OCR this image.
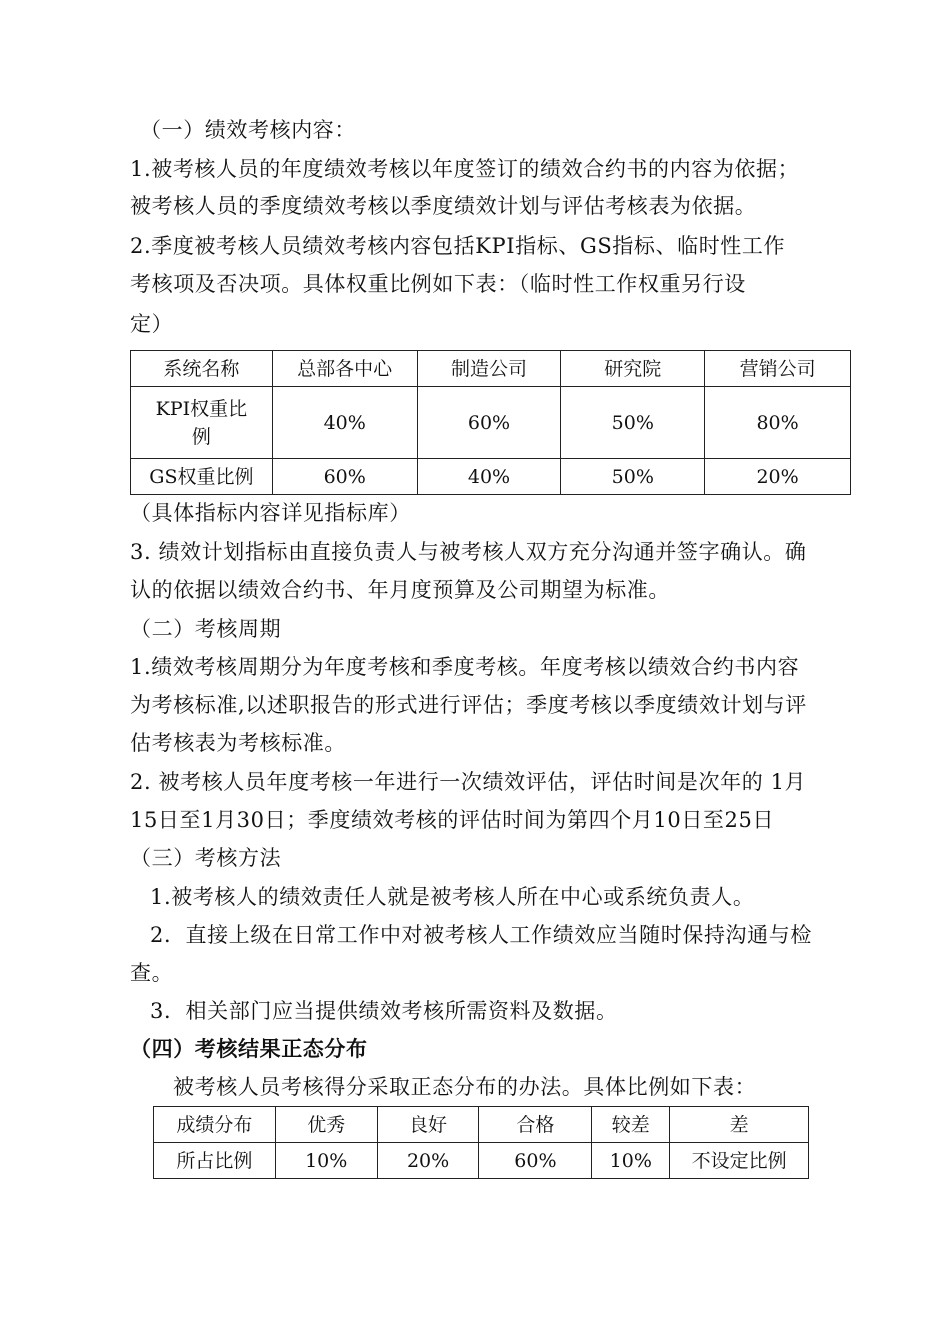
（一）绩效考核内容：
1.被考核人员的年度绩效考核以年度签订的绩效合约书的内容为依据；
被考核人员的季度绩效考核以季度绩效计划与评估考核表为依据。
2.季度被考核人员绩效考核内容包括KPI指标、GS指标、临时性工作
考核项及否决项。具体权重比例如下表：（临时性工作权重另行设
定）
系统名称	总部各中心	制造公司	研究院	营销公司

KPI权重比
例	40%	60%	50%	80%
GS权重比例	60%	40%	50%	20%
（具体指标内容详见指标库）
3. 绩效计划指标由直接负责人与被考核人双方充分沟通并签字确认。确
认的依据以绩效合约书、年月度预算及公司期望为标准。
（二）考核周期
1.绩效考核周期分为年度考核和季度考核。年度考核以绩效合约书内容
为考核标准,以述职报告的形式进行评估；季度考核以季度绩效计划与评
估考核表为考核标准。
2. 被考核人员年度考核一年进行一次绩效评估，评估时间是次年的 1月
15日至1月30日；季度绩效考核的评估时间为第四个月10日至25日
（三）考核方法
1.被考核人的绩效责任人就是被考核人所在中心或系统负责人。
2．直接上级在日常工作中对被考核人工作绩效应当随时保持沟通与检
查。
3．相关部门应当提供绩效考核所需资料及数据。
（四）考核结果正态分布
被考核人员考核得分采取正态分布的办法。具体比例如下表：
成绩分布	优秀	良好	合格	较差	差
所占比例	10%	20%	60%	10%	不设定比例
